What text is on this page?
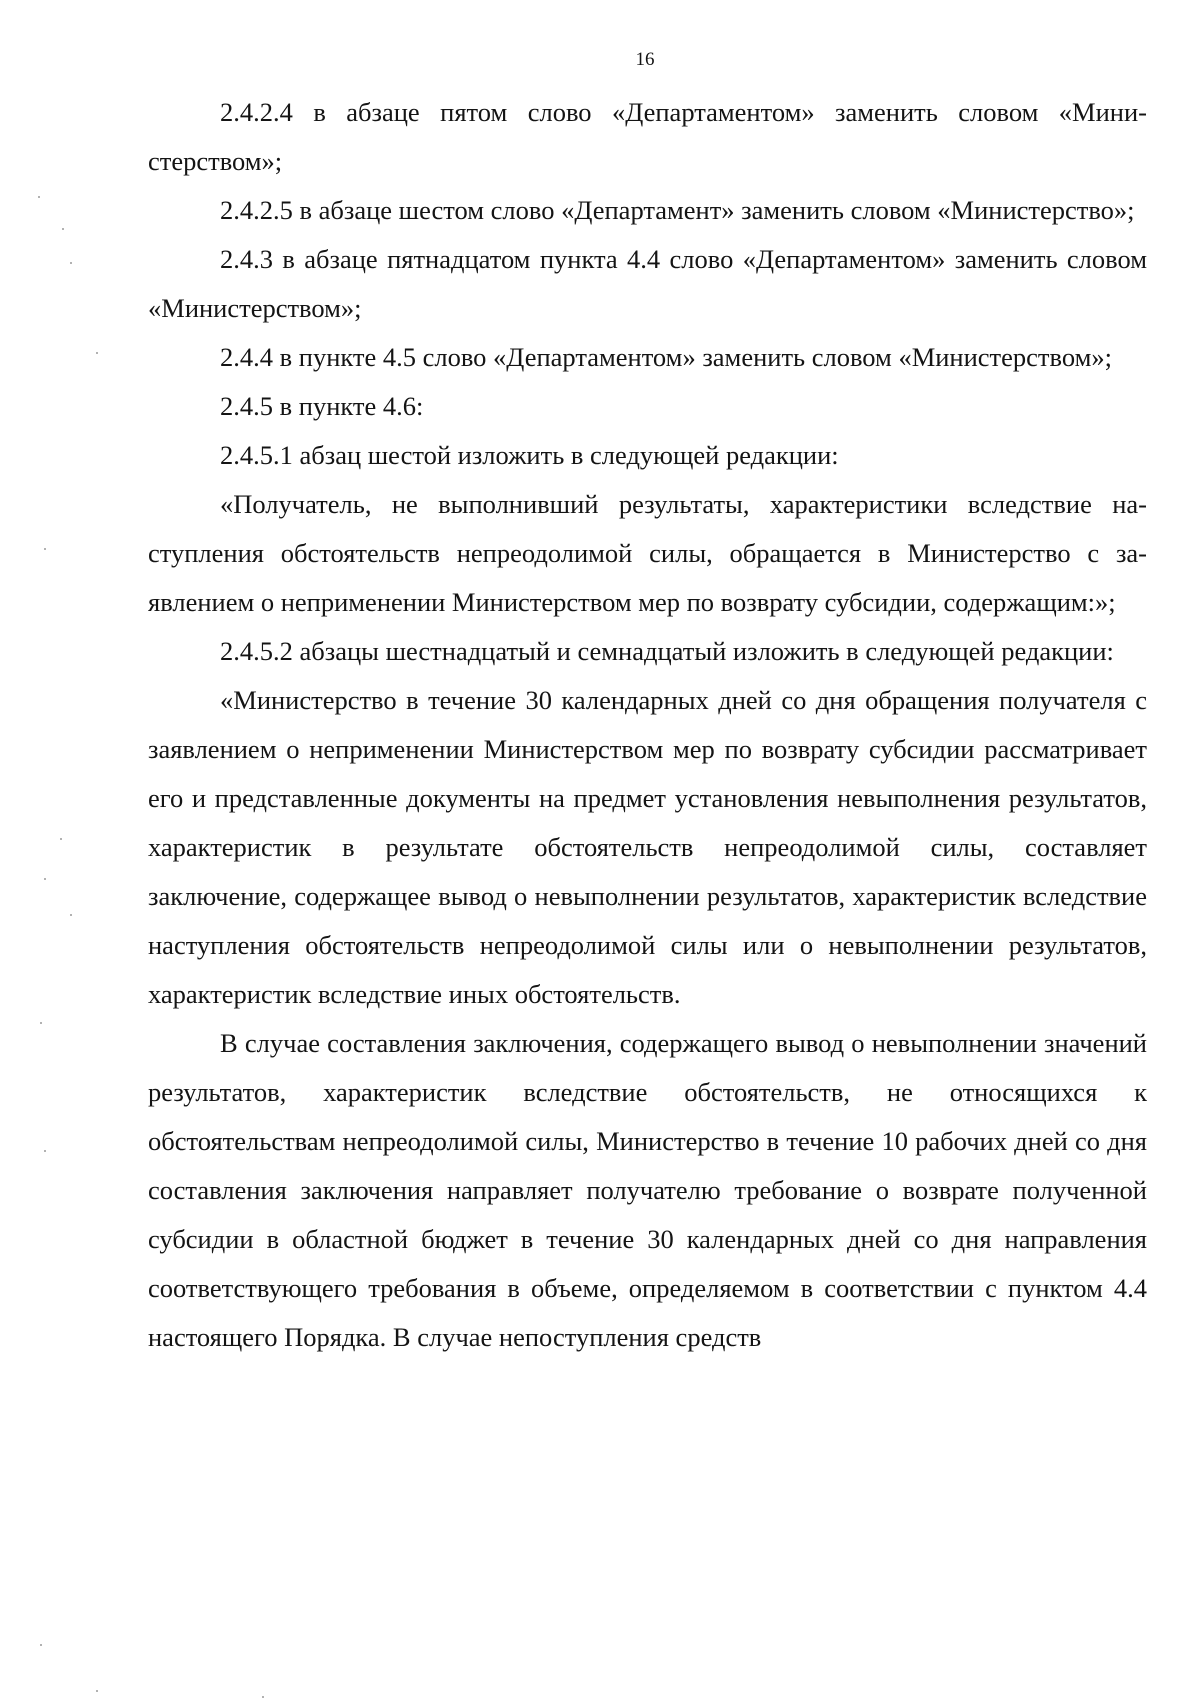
16

2.4.2.4 в абзаце пятом слово «Департаментом» заменить словом «Министерством»;

2.4.2.5 в абзаце шестом слово «Департамент» заменить словом «Министерство»;

2.4.3 в абзаце пятнадцатом пункта 4.4 слово «Департаментом» заменить словом «Министерством»;

2.4.4 в пункте 4.5 слово «Департаментом» заменить словом «Министерством»;

2.4.5 в пункте 4.6:

2.4.5.1 абзац шестой изложить в следующей редакции:

«Получатель, не выполнивший результаты, характеристики вследствие наступления обстоятельств непреодолимой силы, обращается в Министерство с заявлением о неприменении Министерством мер по возврату субсидии, содержащим:»;

2.4.5.2 абзацы шестнадцатый и семнадцатый изложить в следующей редакции:

«Министерство в течение 30 календарных дней со дня обращения получателя с заявлением о неприменении Министерством мер по возврату субсидии рассматривает его и представленные документы на предмет установления невыполнения результатов, характеристик в результате обстоятельств непреодолимой силы, составляет заключение, содержащее вывод о невыполнении результатов, характеристик вследствие наступления обстоятельств непреодолимой силы или о невыполнении результатов, характеристик вследствие иных обстоятельств.

В случае составления заключения, содержащего вывод о невыполнении значений результатов, характеристик вследствие обстоятельств, не относящихся к обстоятельствам непреодолимой силы, Министерство в течение 10 рабочих дней со дня составления заключения направляет получателю требование о возврате полученной субсидии в областной бюджет в течение 30 календарных дней со дня направления соответствующего требования в объеме, определяемом в соответствии с пунктом 4.4 настоящего Порядка. В случае непоступления средств
